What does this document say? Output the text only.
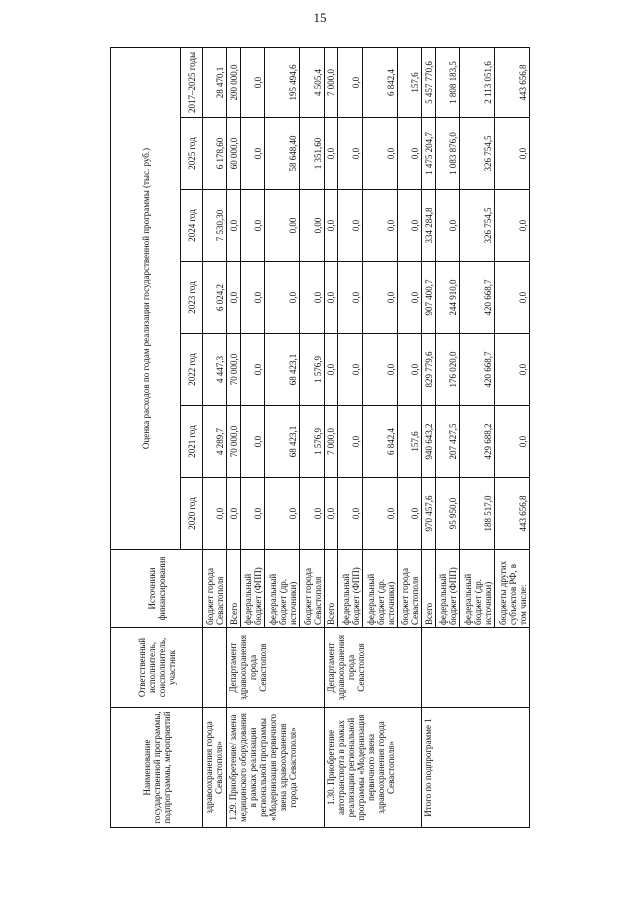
15
Наименование государственной программы, подпрограммы, мероприятий	Ответственный исполнитель, соисполнитель, участник	Источники финансирования	Оценка расходов по годам реализации государственной программы (тыс. руб.)						
			2020 год	2021 год	2022 год	2023 год	2024 год	2025 год	2017–2025 годы
здравоохранения города Севастополя»		бюджет города Севастополя	0,0	4 289,7	4 447,3	6 024,2	7 530,30	6 178,60	28 470,1
1.29. Приобретение/ замена медицинского оборудования в рамках реализации региональной программы «Модернизация первичного звена здравоохранения города Севастополя»	Департамент здравоохранения города Севастополя	Всего	0,0	70 000,0	70 000,0	0,0	0,0	60 000,0	200 000,0
		федеральный бюджет (ФПП)	0,0	0,0	0,0	0,0	0,0	0,0	0,0
		федеральный бюджет (др. источники)	0,0	68 423,1	68 423,1	0,0	0,00	58 648,40	195 494,6
		бюджет города Севастополя	0,0	1 576,9	1 576,9	0,0	0,00	1 351,60	4 505,4
1.30. Приобретение автотранспорта в рамках реализации региональной программы «Модернизация первичного звена здравоохранения города Севастополя»	Департамент здравоохранения города Севастополя	Всего	0,0	7 000,0	0,0	0,0	0,0	0,0	7 000,0
		федеральный бюджет (ФПП)	0,0	0,0	0,0	0,0	0,0	0,0	0,0
		федеральный бюджет (др. источники)	0,0	6 842,4	0,0	0,0	0,0	0,0	6 842,4
		бюджет города Севастополя	0,0	157,6	0,0	0,0	0,0	0,0	157,6
Итого по подпрограмме 1		Всего	970 457,6	940 643,2	829 779,6	907 400,7	334 284,8	1 475 204,7	5 457 770,6
		федеральный бюджет (ФПП)	95 950,0	207 427,5	176 020,0	244 910,0	0,0	1 083 876,0	1 808 183,5
		федеральный бюджет (др. источники)	188 517,0	429 688,2	420 668,7	420 668,7	326 754,5	326 754,5	2 113 051,6
		бюджеты других субъектов РФ, в том числе:	443 656,8	0,0	0,0	0,0	0,0	0,0	443 656,8
